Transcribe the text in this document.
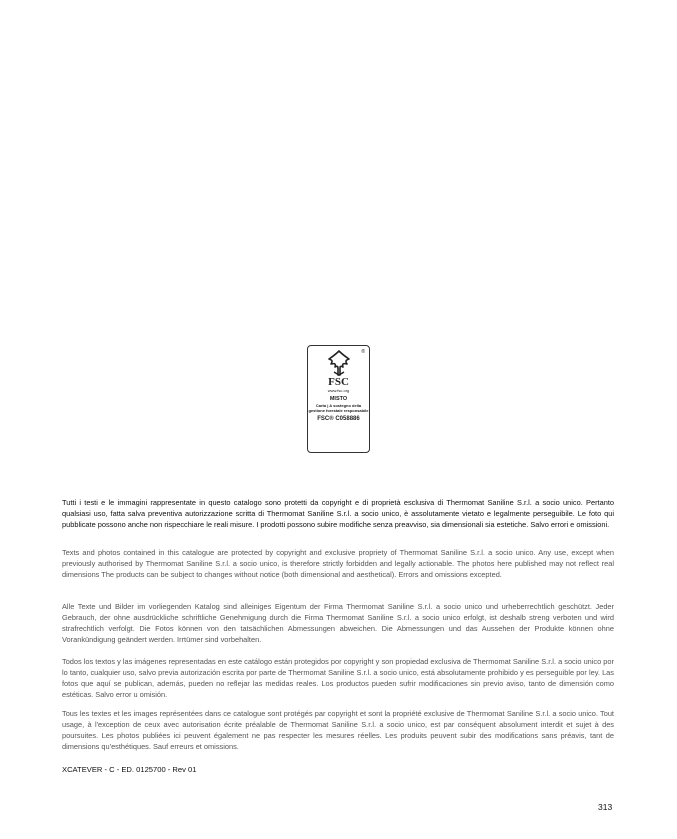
®
FSC
www.fsc.org
MISTO
Carta | A sostegno della gestione forestale responsabile
FSC® C058886
Tutti i testi e le immagini rappresentate in questo catalogo sono protetti da copyright e di proprietà esclusiva di Thermomat Saniline S.r.l. a socio unico. Pertanto qualsiasi uso, fatta salva preventiva autorizzazione scritta di Thermomat Saniline S.r.l. a socio unico, è assolutamente vietato e legalmente perseguibile. Le foto qui pubblicate possono anche non rispecchiare le reali misure. I prodotti possono subire modifiche senza preavviso, sia dimensionali sia estetiche. Salvo errori e omissioni.
Texts and photos contained in this catalogue are protected by copyright and exclusive propriety of Thermomat Saniline S.r.l. a socio unico. Any use, except when previously authorised by Thermomat Saniline S.r.l. a socio unico, is therefore strictly forbidden and legally actionable. The photos here published may not reflect real dimensions The products can be subject to changes without notice (both dimensional and aesthetical). Errors and omissions excepted.
Alle Texte und Bilder im vorliegenden Katalog sind alleiniges Eigentum der Firma Thermomat Saniline S.r.l. a socio unico und urheberrechtlich geschützt. Jeder Gebrauch, der ohne ausdrückliche schriftliche Genehmigung durch die Firma Thermomat Saniline S.r.l. a socio unico erfolgt, ist deshalb streng verboten und wird strafrechtlich verfolgt. Die Fotos können von den tatsächlichen Abmessungen abweichen. Die Abmessungen und das Aussehen der Produkte können ohne Vorankündigung geändert werden. Irrtümer sind vorbehalten.
Todos los textos y las imágenes representadas en este catálogo están protegidos por copyright y son propiedad exclusiva de Thermomat Saniline S.r.l. a socio unico por lo tanto, cualquier uso, salvo previa autorización escrita por parte de Thermomat Saniline S.r.l. a socio unico, está absolutamente prohibido y es perseguible por ley. Las fotos que aquí se publican, además, pueden no reflejar las medidas reales. Los productos pueden sufrir modificaciones sin previo aviso, tanto de dimensión como estéticas. Salvo error u omisión.
Tous les textes et les images représentées dans ce catalogue sont protégés par copyright et sont la propriété exclusive de Thermomat Saniline S.r.l. a socio unico. Tout usage, à l'exception de ceux avec autorisation écrite préalable de Thermomat Saniline S.r.l. a socio unico, est par conséquent absolument interdit et sujet à des poursuites. Les photos publiées ici peuvent également ne pas respecter les mesures réelles. Les produits peuvent subir des modifications sans préavis, tant de dimensions qu'esthétiques. Sauf erreurs et omissions.
XCATEVER - C - ED. 0125700 - Rev 01
313
